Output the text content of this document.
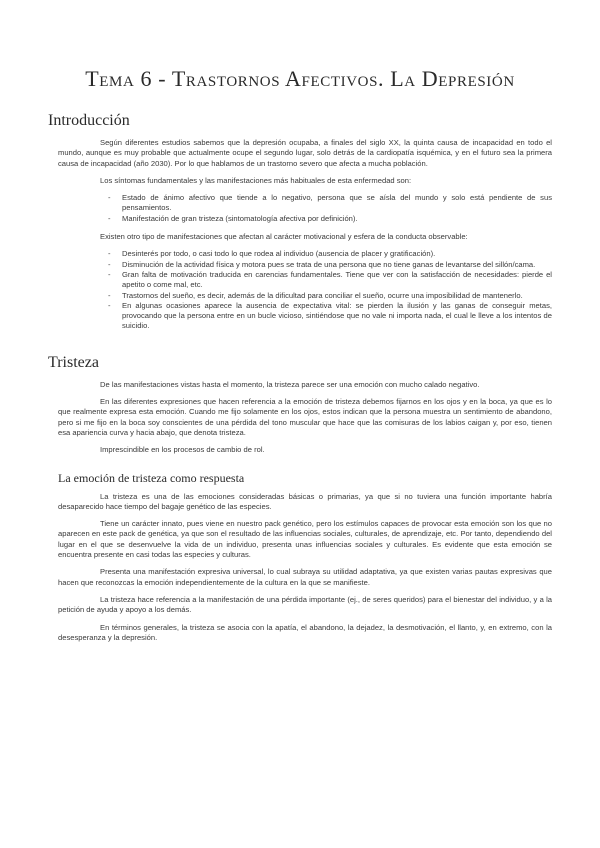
Tema 6 - Trastornos Afectivos. La Depresión
Introducción

Según diferentes estudios sabemos que la depresión ocupaba, a finales del siglo XX, la quinta causa de incapacidad en todo el mundo, aunque es muy probable que actualmente ocupe el segundo lugar, solo detrás de la cardiopatía isquémica, y en el futuro sea la primera causa de incapacidad (año 2030). Por lo que hablamos de un trastorno severo que afecta a mucha población.

Los síntomas fundamentales y las manifestaciones más habituales de esta enfermedad son:

- Estado de ánimo afectivo que tiende a lo negativo, persona que se aísla del mundo y solo está pendiente de sus pensamientos.
- Manifestación de gran tristeza (sintomatología afectiva por definición).

Existen otro tipo de manifestaciones que afectan al carácter motivacional y esfera de la conducta observable:

- Desinterés por todo, o casi todo lo que rodea al individuo (ausencia de placer y gratificación).
- Disminución de la actividad física y motora pues se trata de una persona que no tiene ganas de levantarse del sillón/cama.
- Gran falta de motivación traducida en carencias fundamentales. Tiene que ver con la satisfacción de necesidades: pierde el apetito o come mal, etc.
- Trastornos del sueño, es decir, además de la dificultad para conciliar el sueño, ocurre una imposibilidad de mantenerlo.
- En algunas ocasiones aparece la ausencia de expectativa vital: se pierden la ilusión y las ganas de conseguir metas, provocando que la persona entre en un bucle vicioso, sintiéndose que no vale ni importa nada, el cual le lleve a los intentos de suicidio.
Tristeza

De las manifestaciones vistas hasta el momento, la tristeza parece ser una emoción con mucho calado negativo.

En las diferentes expresiones que hacen referencia a la emoción de tristeza debemos fijarnos en los ojos y en la boca, ya que es lo que realmente expresa esta emoción. Cuando me fijo solamente en los ojos, estos indican que la persona muestra un sentimiento de abandono, pero si me fijo en la boca soy conscientes de una pérdida del tono muscular que hace que las comisuras de los labios caigan y, por eso, tienen esa apariencia curva y hacia abajo, que denota tristeza.

Imprescindible en los procesos de cambio de rol.

La emoción de tristeza como respuesta

La tristeza es una de las emociones consideradas básicas o primarias, ya que si no tuviera una función importante habría desaparecido hace tiempo del bagaje genético de las especies.

Tiene un carácter innato, pues viene en nuestro pack genético, pero los estímulos capaces de provocar esta emoción son los que no aparecen en este pack de genética, ya que son el resultado de las influencias sociales, culturales, de aprendizaje, etc. Por tanto, dependiendo del lugar en el que se desenvuelve la vida de un individuo, presenta unas influencias sociales y culturales. Es evidente que esta emoción se encuentra presente en casi todas las especies y culturas.

Presenta una manifestación expresiva universal, lo cual subraya su utilidad adaptativa, ya que existen varias pautas expresivas que hacen que reconozcas la emoción independientemente de la cultura en la que se manifieste.

La tristeza hace referencia a la manifestación de una pérdida importante (ej., de seres queridos) para el bienestar del individuo, y a la petición de ayuda y apoyo a los demás.

En términos generales, la tristeza se asocia con la apatía, el abandono, la dejadez, la desmotivación, el llanto, y, en extremo, con la desesperanza y la depresión.
